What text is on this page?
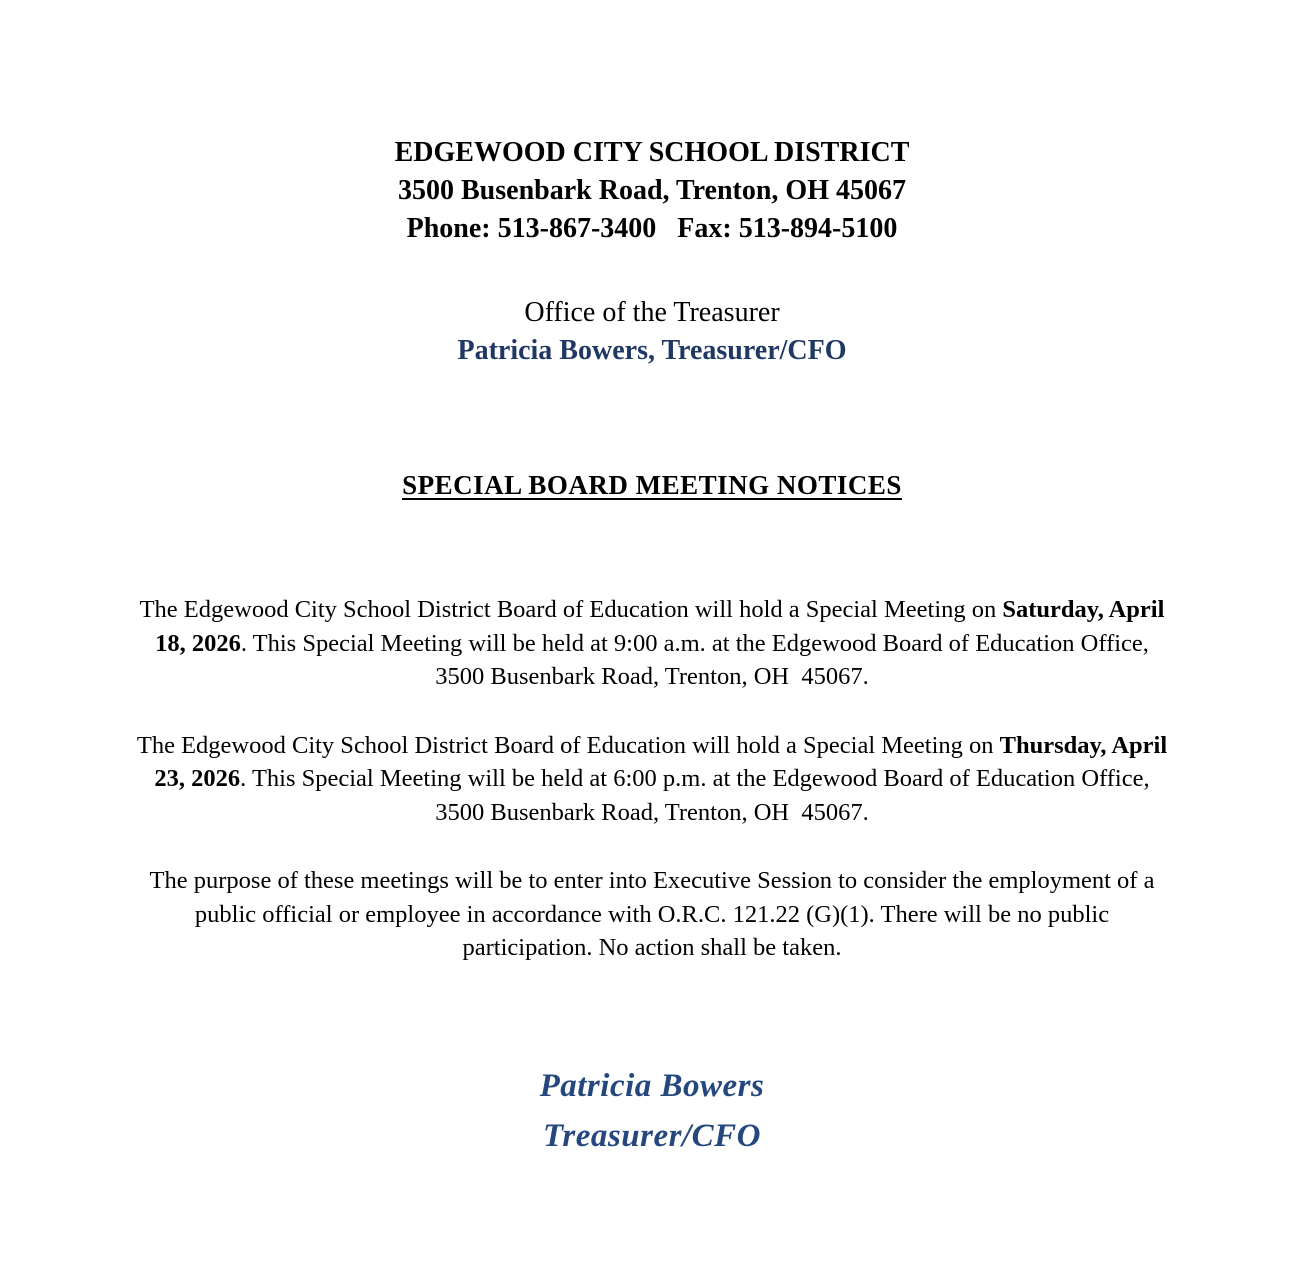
EDGEWOOD CITY SCHOOL DISTRICT
3500 Busenbark Road, Trenton, OH 45067
Phone: 513-867-3400   Fax: 513-894-5100
Office of the Treasurer
Patricia Bowers, Treasurer/CFO
SPECIAL BOARD MEETING NOTICES

The Edgewood City School District Board of Education will hold a Special Meeting on Saturday, April 18, 2026. This Special Meeting will be held at 9:00 a.m. at the Edgewood Board of Education Office, 3500 Busenbark Road, Trenton, OH  45067.

The Edgewood City School District Board of Education will hold a Special Meeting on Thursday, April 23, 2026. This Special Meeting will be held at 6:00 p.m. at the Edgewood Board of Education Office, 3500 Busenbark Road, Trenton, OH  45067.

The purpose of these meetings will be to enter into Executive Session to consider the employment of a public official or employee in accordance with O.R.C. 121.22 (G)(1). There will be no public participation. No action shall be taken.

Patricia Bowers
Treasurer/CFO
